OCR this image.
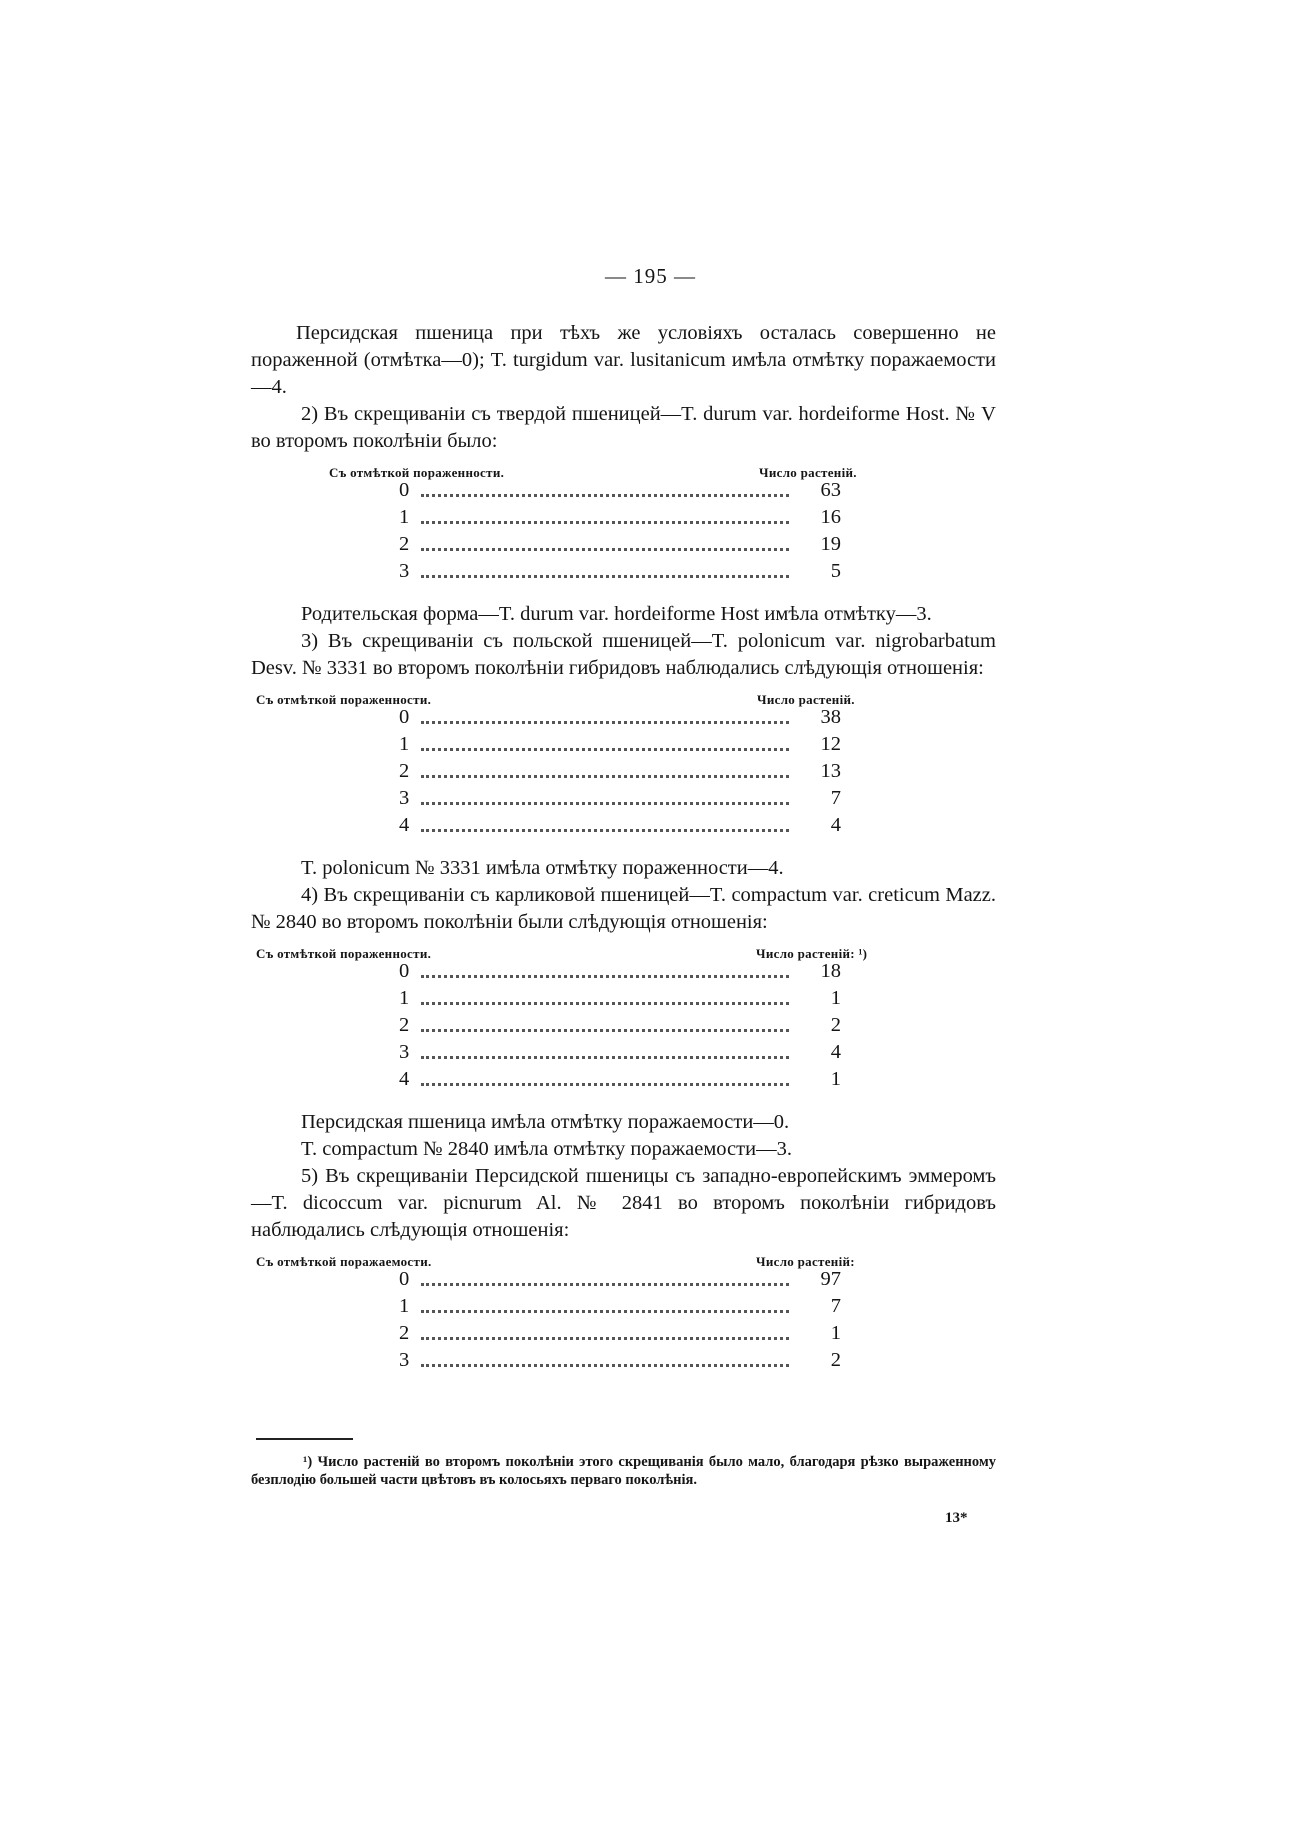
— 195 —

Персидская пшеница при тѣхъ же условіяхъ осталась совершенно не пораженной (отмѣтка—0); T. turgidum var. lusitanicum имѣла отмѣтку поражаемости—4.

2) Въ скрещиваніи съ твердой пшеницей—T. durum var. hordeiforme Host. № V во второмъ поколѣніи было:

Съ отмѣткой пораженности.	Число растеній.
0	63
1	16
2	19
3	5

Родительская форма—T. durum var. hordeiforme Host имѣла отмѣтку—3.

3) Въ скрещиваніи съ польской пшеницей—T. polonicum var. nigrobarbatum Desv. № 3331 во второмъ поколѣніи гибридовъ наблюдались слѣдующія отношенія:

Съ отмѣткой пораженности.	Число растеній.
0	38
1	12
2	13
3	7
4	4

T. polonicum № 3331 имѣла отмѣтку пораженности—4.

4) Въ скрещиваніи съ карликовой пшеницей—T. compactum var. creticum Mazz. № 2840 во второмъ поколѣніи были слѣдующія отношенія:

Съ отмѣткой пораженности.	Число растеній: ¹)
0	18
1	1
2	2
3	4
4	1

Персидская пшеница имѣла отмѣтку поражаемости—0.

T. compactum № 2840 имѣла отмѣтку поражаемости—3.

5) Въ скрещиваніи Персидской пшеницы съ западно-европейскимъ эммеромъ—T. dicoccum var. picnurum Al. № 2841 во второмъ поколѣніи гибридовъ наблюдались слѣдующія отношенія:

Съ отмѣткой поражаемости.	Число растеній:
0	97
1	7
2	1
3	2
¹) Число растеній во второмъ поколѣніи этого скрещиванія было мало, благодаря рѣзко выраженному безплодію большей части цвѣтовъ въ колосьяхъ перваго поколѣнія.
13*
